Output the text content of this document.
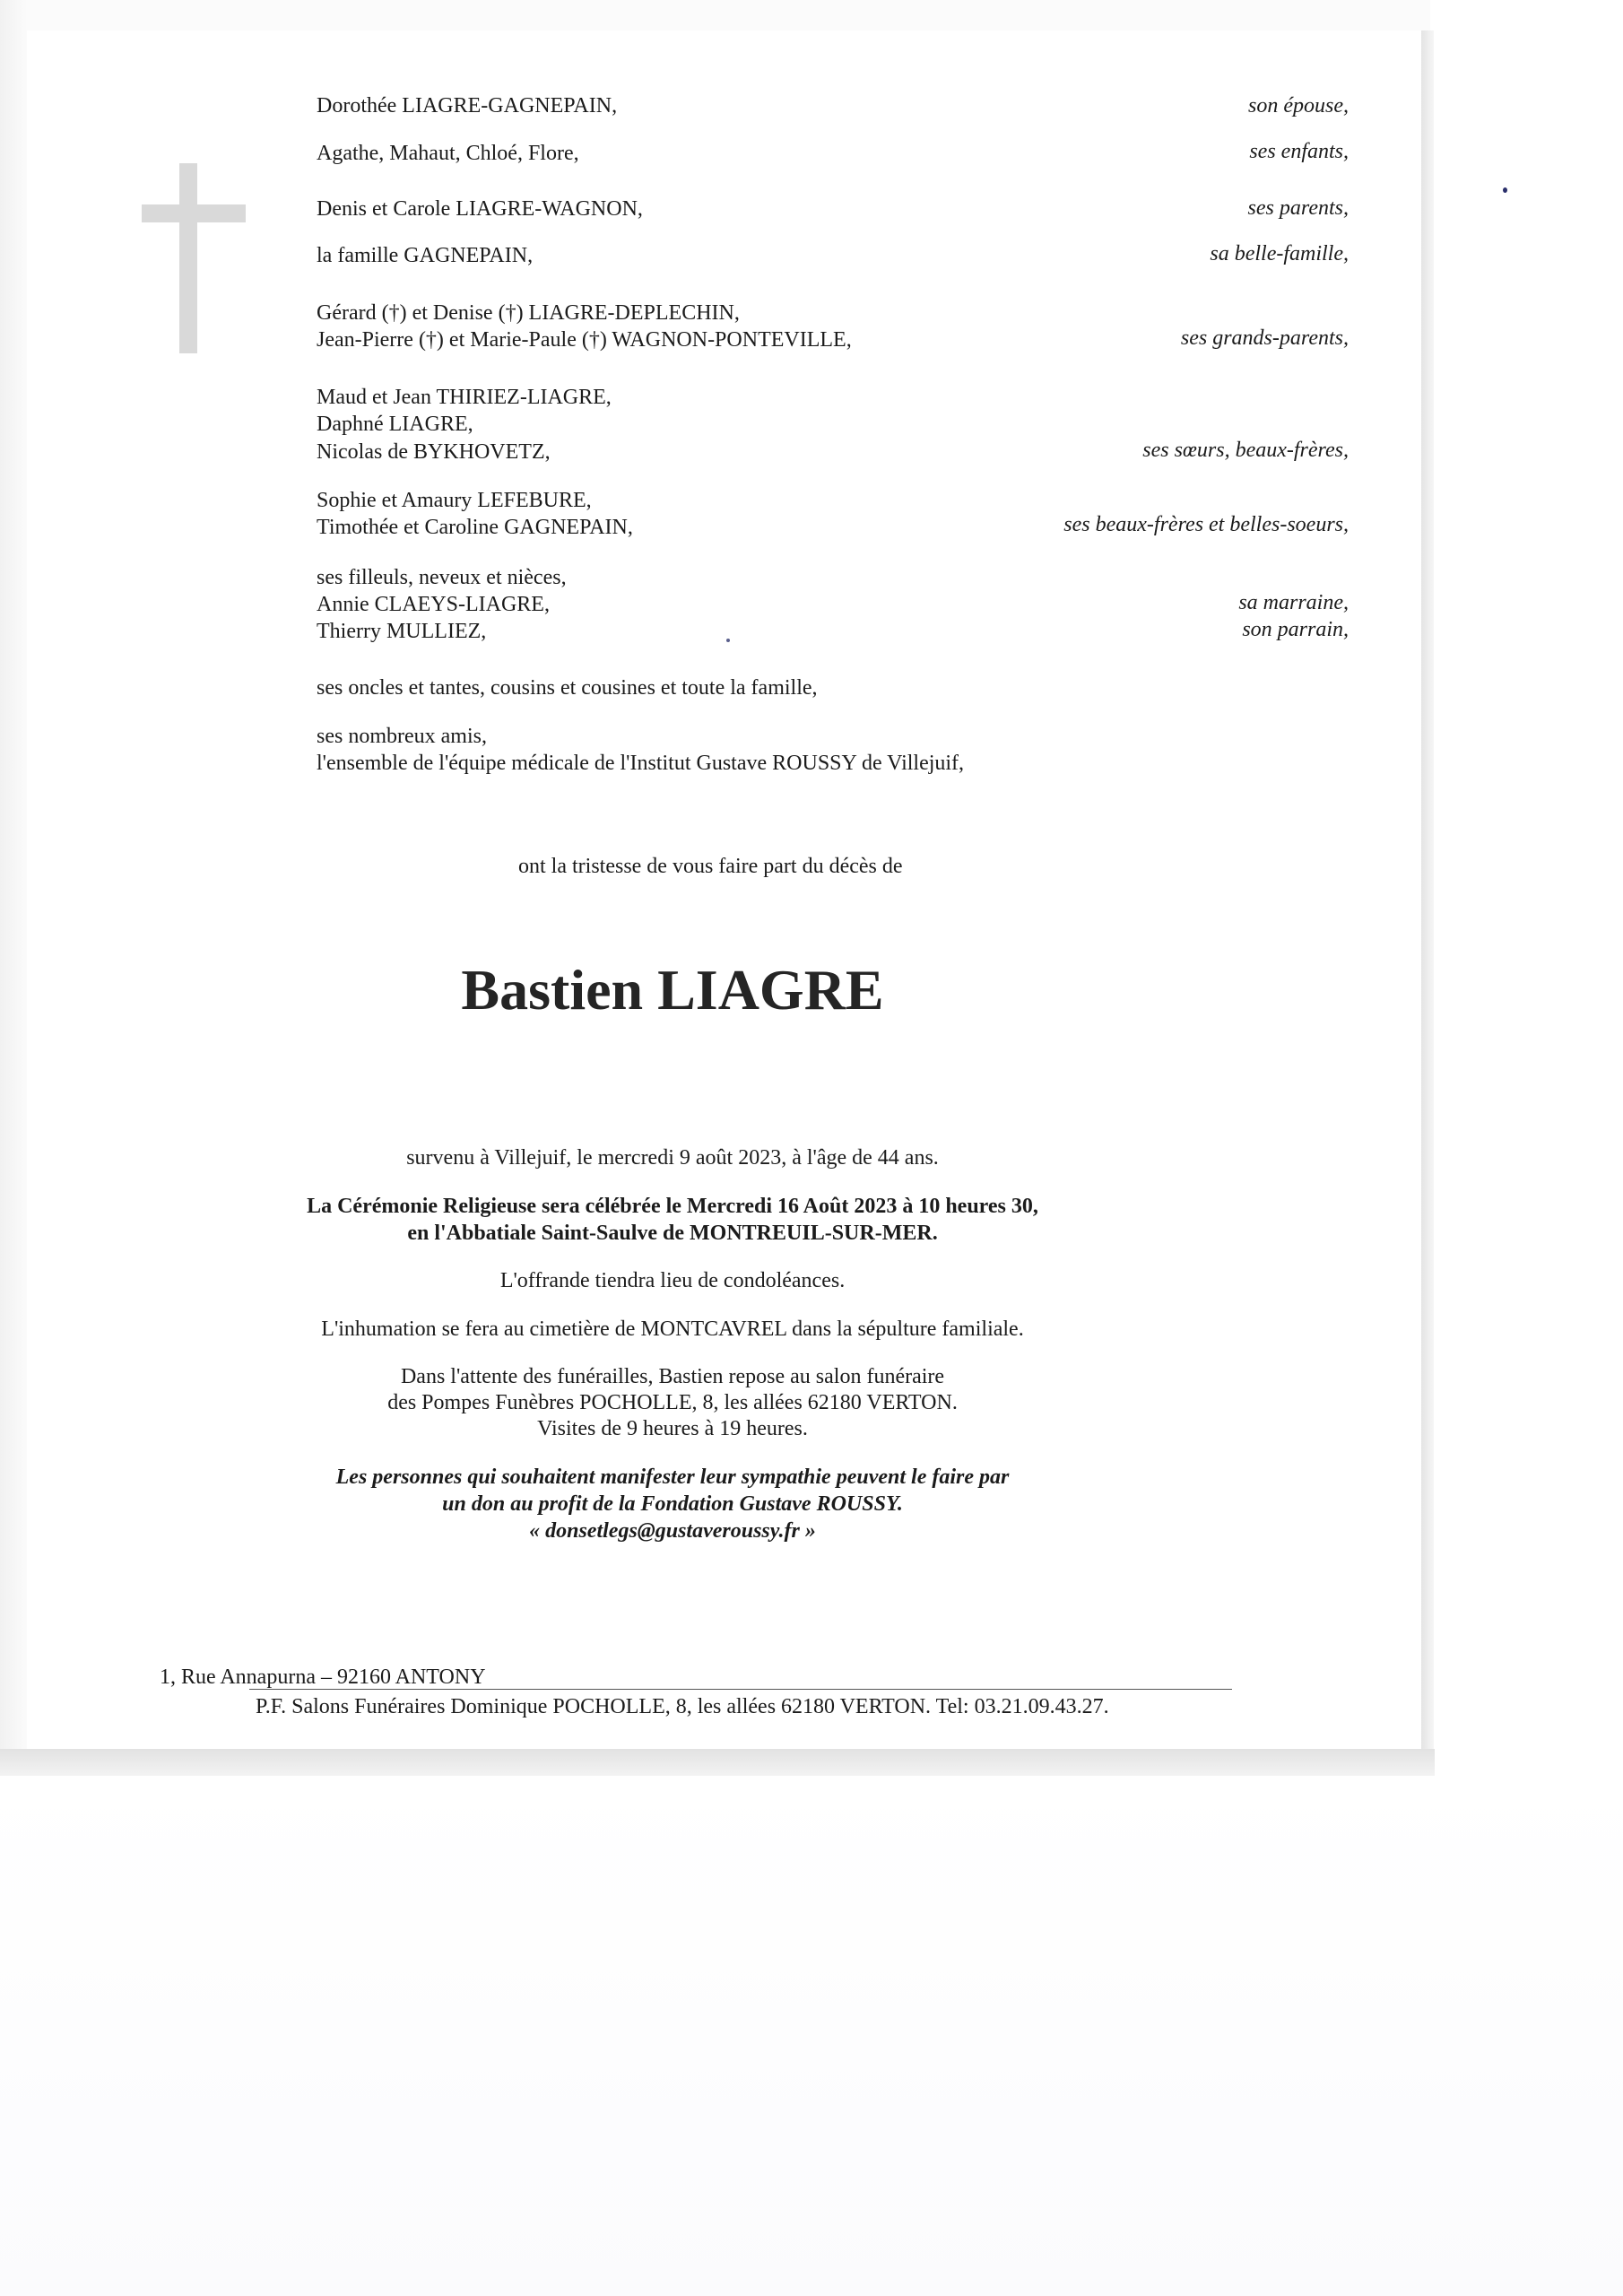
Dorothée LIAGRE-GAGNEPAIN,	son épouse,
Agathe, Mahaut, Chloé, Flore,	ses enfants,
Denis et Carole LIAGRE-WAGNON,	ses parents,
la famille GAGNEPAIN,	sa belle-famille,
Gérard (†) et Denise (†) LIAGRE-DEPLECHIN,
Jean-Pierre (†) et Marie-Paule (†) WAGNON-PONTEVILLE,	ses grands-parents,
Maud et Jean THIRIEZ-LIAGRE,
Daphné LIAGRE,
Nicolas de BYKHOVETZ,	ses sœurs, beaux-frères,
Sophie et Amaury LEFEBURE,
Timothée et Caroline GAGNEPAIN,	ses beaux-frères et belles-soeurs,
ses filleuls, neveux et nièces,
Annie CLAEYS-LIAGRE,	sa marraine,
Thierry MULLIEZ,	son parrain,
ses oncles et tantes, cousins et cousines et toute la famille,
ses nombreux amis,
l'ensemble de l'équipe médicale de l'Institut Gustave ROUSSY de Villejuif,
ont la tristesse de vous faire part du décès de
Bastien LIAGRE
survenu à Villejuif, le mercredi 9 août 2023, à l'âge de 44 ans.
La Cérémonie Religieuse sera célébrée le Mercredi 16 Août 2023 à 10 heures 30,
en l'Abbatiale Saint-Saulve de MONTREUIL-SUR-MER.
L'offrande tiendra lieu de condoléances.
L'inhumation se fera au cimetière de MONTCAVREL dans la sépulture familiale.
Dans l'attente des funérailles, Bastien repose au salon funéraire
des Pompes Funèbres POCHOLLE, 8, les allées 62180 VERTON.
Visites de 9 heures à 19 heures.
Les personnes qui souhaitent manifester leur sympathie peuvent le faire par
un don au profit de la Fondation Gustave ROUSSY.
« donsetlegs@gustaveroussy.fr »
1, Rue Annapurna – 92160 ANTONY
P.F. Salons Funéraires Dominique POCHOLLE, 8, les allées 62180 VERTON. Tel: 03.21.09.43.27.
